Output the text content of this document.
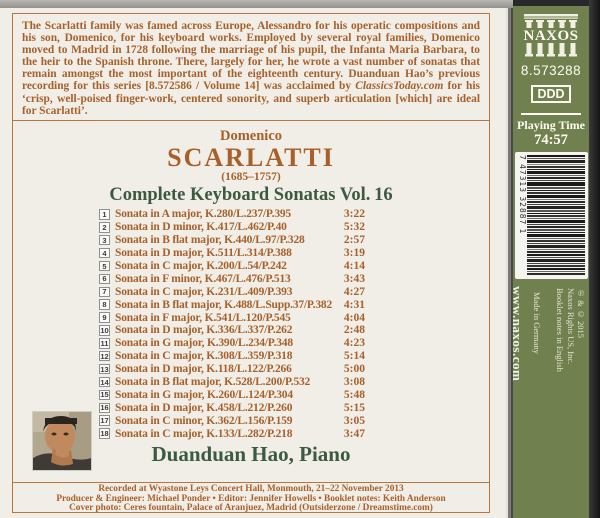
The Scarlatti family was famed across Europe, Alessandro for his operatic compositions and his son, Domenico, for his keyboard works. Employed by several royal families, Domenico moved to Madrid in 1728 following the marriage of his pupil, the Infanta Maria Barbara, to the heir to the Spanish throne. There, largely for her, he wrote a vast number of sonatas that remain amongst the most important of the eighteenth century. Duanduan Hao’s previous recording for this series [8.572586 / Volume 14] was acclaimed by ClassicsToday.com for his ‘crisp, well-poised finger-work, centered sonority, and superb articulation [which] are ideal for Scarlatti’.
Domenico
SCARLATTI
(1685–1757)
Complete Keyboard Sonatas Vol. 16
1 Sonata in A major, K.280/L.237/P.395	3:22
2 Sonata in D minor, K.417/L.462/P.40	5:32
3 Sonata in B flat major, K.440/L.97/P.328	2:57
4 Sonata in D major, K.511/L.314/P.388	3:19
5 Sonata in C major, K.200/L.54/P.242	4:14
6 Sonata in F minor, K.467/L.476/P.513	3:43
7 Sonata in C major, K.231/L.409/P.393	4:27
8 Sonata in B flat major, K.488/L.Supp.37/P.382	4:31
9 Sonata in F major, K.541/L.120/P.545	4:04
10 Sonata in D major, K.336/L.337/P.262	2:48
11 Sonata in G major, K.390/L.234/P.348	4:23
12 Sonata in C major, K.308/L.359/P.318	5:14
13 Sonata in D major, K.118/L.122/P.266	5:00
14 Sonata in B flat major, K.528/L.200/P.532	3:08
15 Sonata in G major, K.260/L.124/P.304	5:48
16 Sonata in D major, K.458/L.212/P.260	5:15
17 Sonata in C minor, K.362/L.156/P.159	3:05
18 Sonata in C major, K.133/L.282/P.218	3:47
Duanduan Hao, Piano
Recorded at Wyastone Leys Concert Hall, Monmouth, 21–22 November 2013
Producer & Engineer: Michael Ponder • Editor: Jennifer Howells • Booklet notes: Keith Anderson
Cover photo: Ceres fountain, Palace of Aranjuez, Madrid (Outsiderzone / Dreamstime.com)
NAXOS
8.573288
DDD
Playing Time
74:57
7 47313 32887 1
℗ & © 2015
Naxos Rights US, Inc.
Booklet notes in English
Made in Germany
www.naxos.com
